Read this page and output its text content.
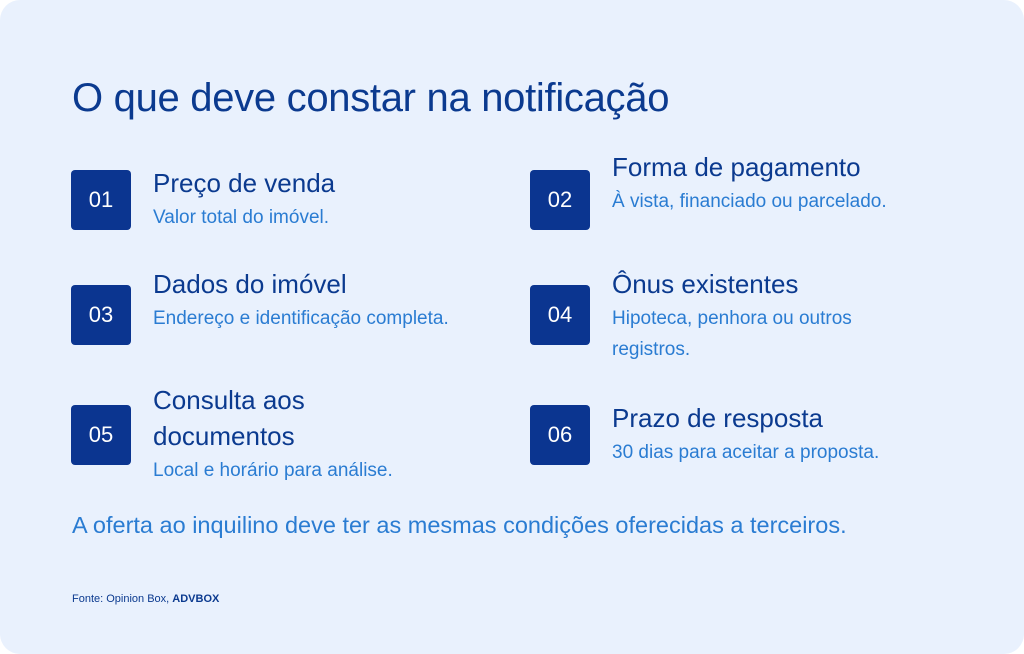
O que deve constar na notificação
01
Preço de venda
Valor total do imóvel.
02
Forma de pagamento
À vista, financiado ou parcelado.
03
Dados do imóvel
Endereço e identificação completa.	04
Ônus existentes
Hipoteca, penhora ou outros registros.
05
Consulta aos documentos
Local e horário para análise.
06
Prazo de resposta
30 dias para aceitar a proposta.
A oferta ao inquilino deve ter as mesmas condições oferecidas a terceiros.
Fonte: Opinion Box, ADVBOX
